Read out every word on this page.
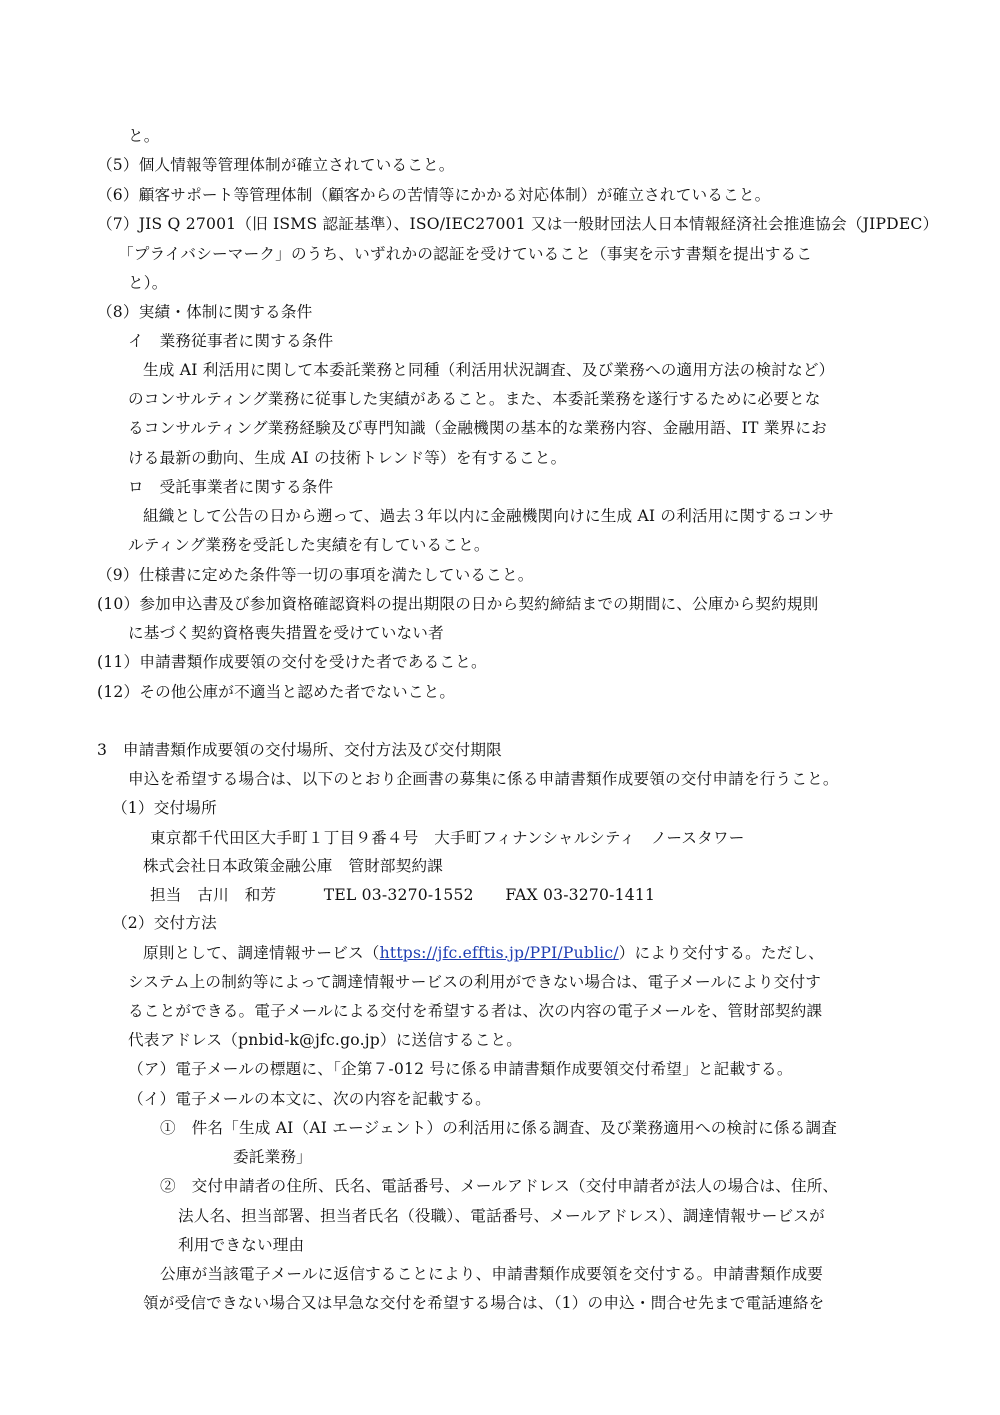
と。
（5）個人情報等管理体制が確立されていること。
（6）顧客サポート等管理体制（顧客からの苦情等にかかる対応体制）が確立されていること。
（7）JIS Q 27001（旧 ISMS 認証基準）、ISO/IEC27001 又は一般財団法人日本情報経済社会推進協会（JIPDEC）
「プライバシーマーク」のうち、いずれかの認証を受けていること（事実を示す書類を提出するこ
と）。
（8）実績・体制に関する条件
イ　業務従事者に関する条件
生成 AI 利活用に関して本委託業務と同種（利活用状況調査、及び業務への適用方法の検討など）
のコンサルティング業務に従事した実績があること。また、本委託業務を遂行するために必要とな
るコンサルティング業務経験及び専門知識（金融機関の基本的な業務内容、金融用語、IT 業界にお
ける最新の動向、生成 AI の技術トレンド等）を有すること。
ロ　受託事業者に関する条件
組織として公告の日から遡って、過去３年以内に金融機関向けに生成 AI の利活用に関するコンサ
ルティング業務を受託した実績を有していること。
（9）仕様書に定めた条件等一切の事項を満たしていること。
(10）参加申込書及び参加資格確認資料の提出期限の日から契約締結までの期間に、公庫から契約規則
に基づく契約資格喪失措置を受けていない者
(11）申請書類作成要領の交付を受けた者であること。
(12）その他公庫が不適当と認めた者でないこと。
3　申請書類作成要領の交付場所、交付方法及び交付期限
申込を希望する場合は、以下のとおり企画書の募集に係る申請書類作成要領の交付申請を行うこと。
（1）交付場所
東京都千代田区大手町１丁目９番４号　大手町フィナンシャルシティ　ノースタワー
株式会社日本政策金融公庫　管財部契約課
担当　古川　和芳　　　TEL 03-3270-1552　　FAX 03-3270-1411
（2）交付方法
原則として、調達情報サービス（https://jfc.efftis.jp/PPI/Public/）により交付する。ただし、
システム上の制約等によって調達情報サービスの利用ができない場合は、電子メールにより交付す
ることができる。電子メールによる交付を希望する者は、次の内容の電子メールを、管財部契約課
代表アドレス（pnbid-k@jfc.go.jp）に送信すること。
（ア）電子メールの標題に、「企第７-012 号に係る申請書類作成要領交付希望」と記載する。
（イ）電子メールの本文に、次の内容を記載する。
①　件名「生成 AI（AI エージェント）の利活用に係る調査、及び業務適用への検討に係る調査
委託業務」
②　交付申請者の住所、氏名、電話番号、メールアドレス（交付申請者が法人の場合は、住所、
法人名、担当部署、担当者氏名（役職）、電話番号、メールアドレス）、調達情報サービスが
利用できない理由
公庫が当該電子メールに返信することにより、申請書類作成要領を交付する。申請書類作成要
領が受信できない場合又は早急な交付を希望する場合は、（1）の申込・問合せ先まで電話連絡を
